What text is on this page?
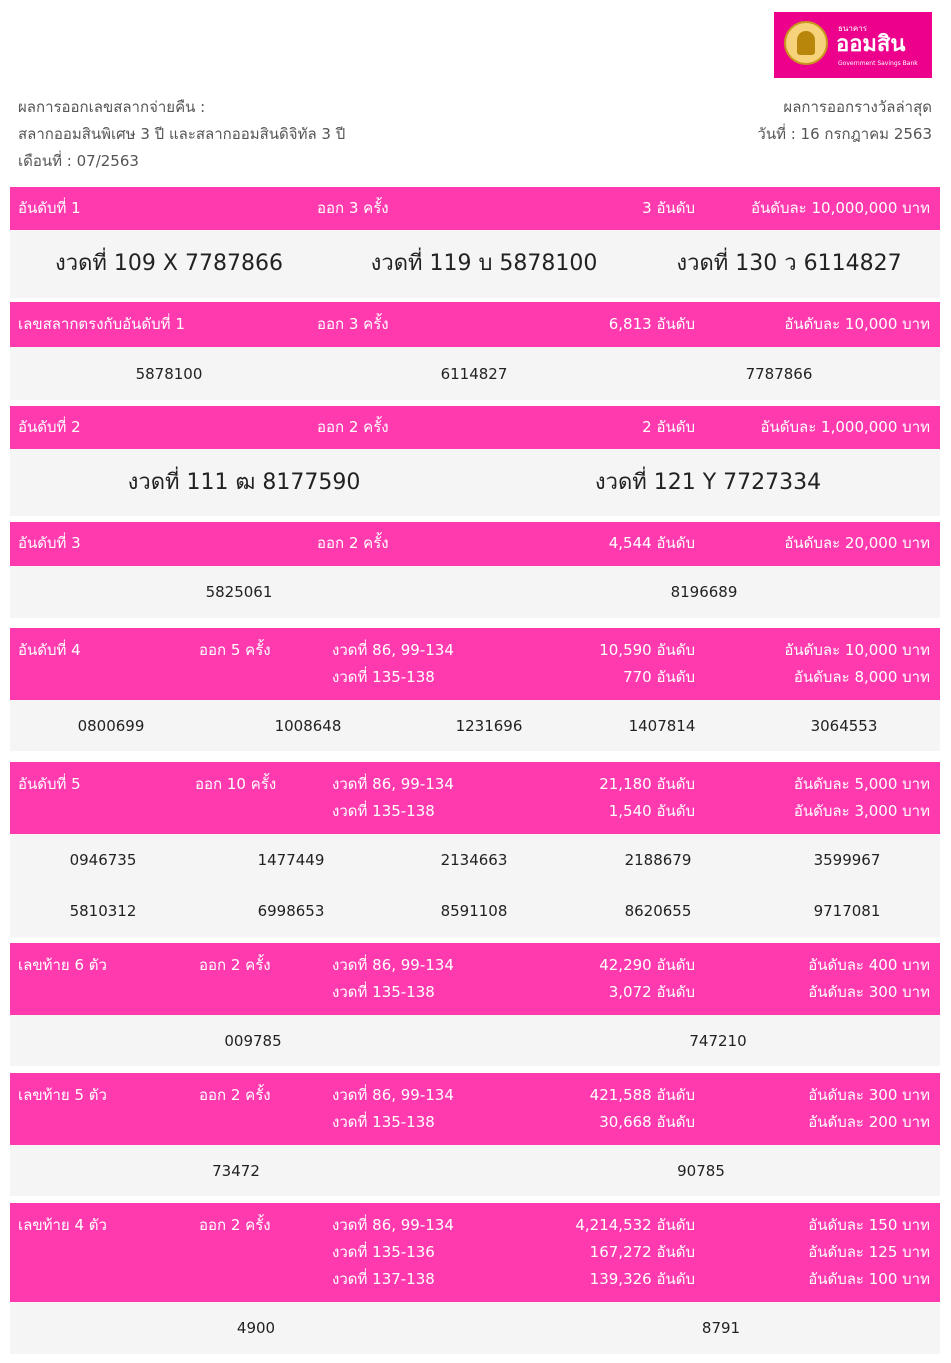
ธนาคาร
ออมสิน
Government Savings Bank
ผลการออกเลขสลากจ่ายคืน :
สลากออมสินพิเศษ 3 ปี และสลากออมสินดิจิทัล 3 ปี
เดือนที่ : 07/2563
ผลการออกรางวัลล่าสุด
วันที่ : 16 กรกฎาคม 2563
อันดับที่ 1	ออก 3 ครั้ง	3 อันดับ	อันดับละ 10,000,000 บาท
งวดที่ 109 X 7787866	งวดที่ 119 บ 5878100	งวดที่ 130 ว 6114827
เลขสลากตรงกับอันดับที่ 1	ออก 3 ครั้ง	6,813 อันดับ	อันดับละ 10,000 บาท
5878100	6114827	7787866
อันดับที่ 2	ออก 2 ครั้ง	2 อันดับ	อันดับละ 1,000,000 บาท
งวดที่ 111 ฒ 8177590	งวดที่ 121 Y 7727334
อันดับที่ 3	ออก 2 ครั้ง	4,544 อันดับ	อันดับละ 20,000 บาท
5825061	8196689
อันดับที่ 4	ออก 5 ครั้ง	งวดที่ 86, 99-134	10,590 อันดับ	อันดับละ 10,000 บาท
งวดที่ 135-138	770 อันดับ	อันดับละ 8,000 บาท
0800699	1008648	1231696	1407814	3064553
อันดับที่ 5	ออก 10 ครั้ง	งวดที่ 86, 99-134	21,180 อันดับ	อันดับละ 5,000 บาท
งวดที่ 135-138	1,540 อันดับ	อันดับละ 3,000 บาท
0946735	1477449	2134663	2188679	3599967
5810312	6998653	8591108	8620655	9717081
เลขท้าย 6 ตัว	ออก 2 ครั้ง	งวดที่ 86, 99-134	42,290 อันดับ	อันดับละ 400 บาท
งวดที่ 135-138	3,072 อันดับ	อันดับละ 300 บาท
009785	747210
เลขท้าย 5 ตัว	ออก 2 ครั้ง	งวดที่ 86, 99-134	421,588 อันดับ	อันดับละ 300 บาท
งวดที่ 135-138	30,668 อันดับ	อันดับละ 200 บาท
73472	90785
เลขท้าย 4 ตัว	ออก 2 ครั้ง	งวดที่ 86, 99-134	4,214,532 อันดับ	อันดับละ 150 บาท
งวดที่ 135-136	167,272 อันดับ	อันดับละ 125 บาท
งวดที่ 137-138	139,326 อันดับ	อันดับละ 100 บาท
4900	8791
